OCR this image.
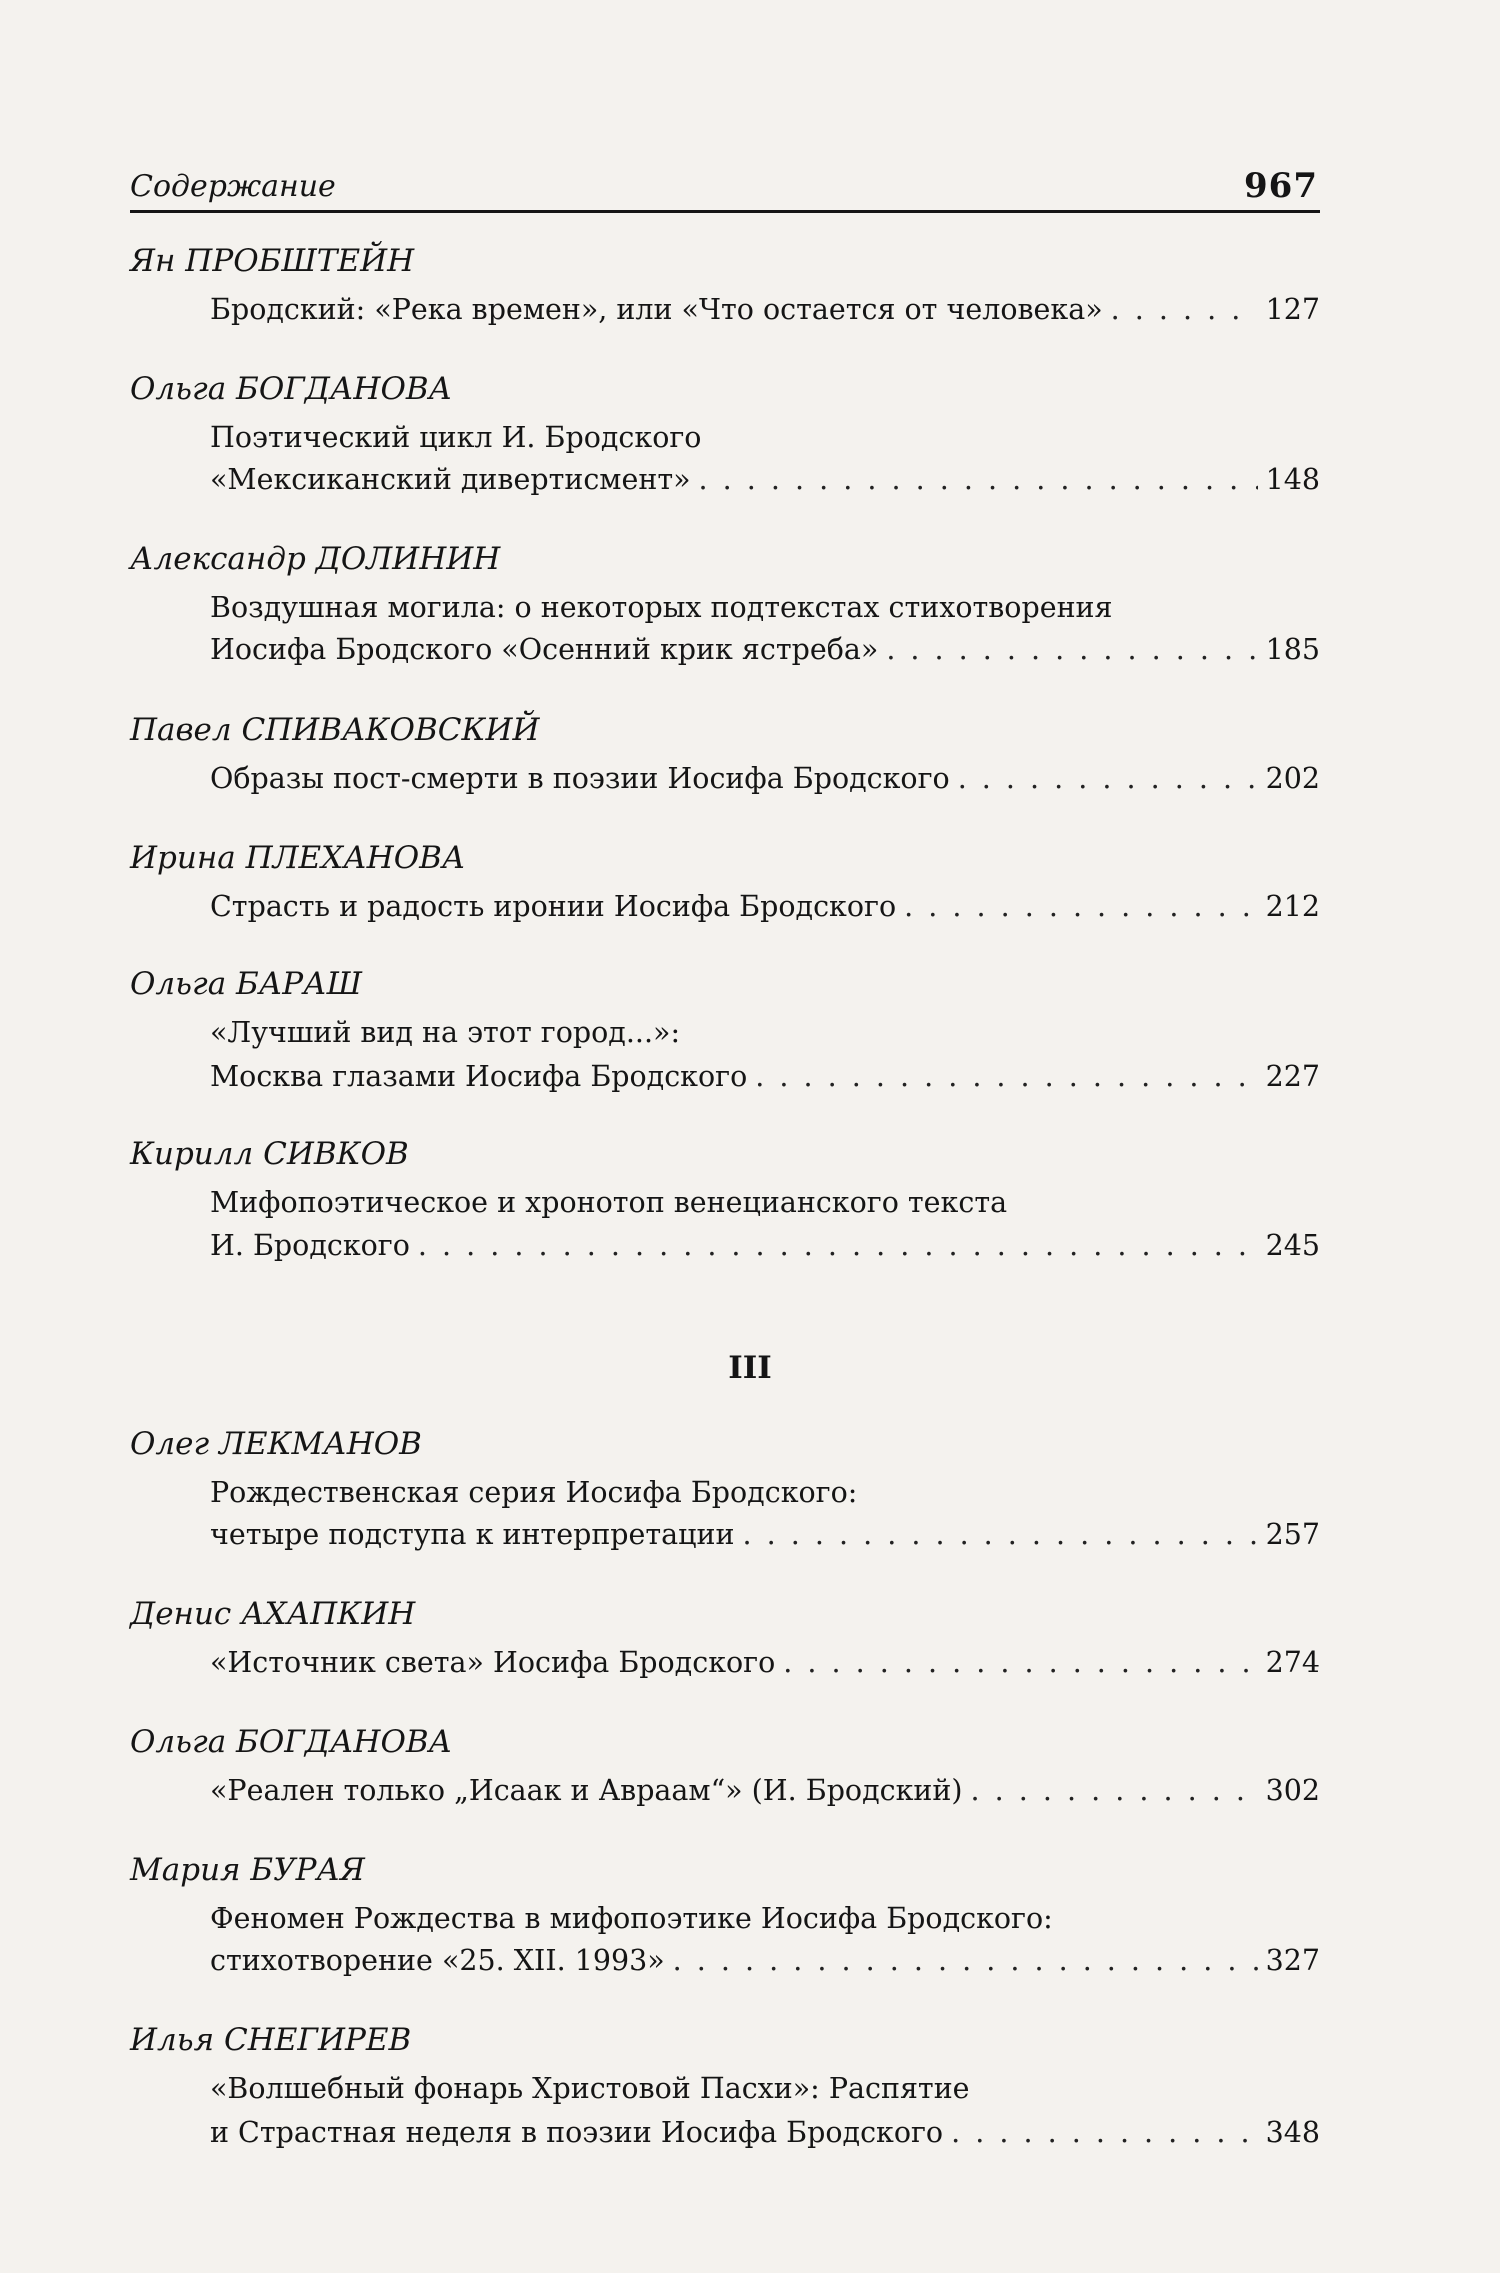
Содержание	967
Ян ПРОБШТЕЙН
Бродский: «Река времен», или «Что остается от человека» . . .	127
Ольга БОГДАНОВА
Поэтический цикл И. Бродского
«Мексиканский дивертисмент» . . .	148
Александр ДОЛИНИН
Воздушная могила: о некоторых подтекстах стихотворения
Иосифа Бродского «Осенний крик ястреба» . . .	185
Павел СПИВАКОВСКИЙ
Образы пост-смерти в поэзии Иосифа Бродского . . .	202
Ирина ПЛЕХАНОВА
Страсть и радость иронии Иосифа Бродского . . .	212
Ольга БАРАШ
«Лучший вид на этот город...»:
Москва глазами Иосифа Бродского . . .	227
Кирилл СИВКОВ
Мифопоэтическое и хронотоп венецианского текста
И. Бродского . . .	245
III
Олег ЛЕКМАНОВ
Рождественская серия Иосифа Бродского:
четыре подступа к интерпретации . . .	257
Денис АХАПКИН
«Источник света» Иосифа Бродского . . .	274
Ольга БОГДАНОВА
«Реален только „Исаак и Авраам“» (И. Бродский) . . .	302
Мария БУРАЯ
Феномен Рождества в мифопоэтике Иосифа Бродского:
стихотворение «25. XII. 1993» . . .	327
Илья СНЕГИРЕВ
«Волшебный фонарь Христовой Пасхи»: Распятие
и Страстная неделя в поэзии Иосифа Бродского . . .	348
